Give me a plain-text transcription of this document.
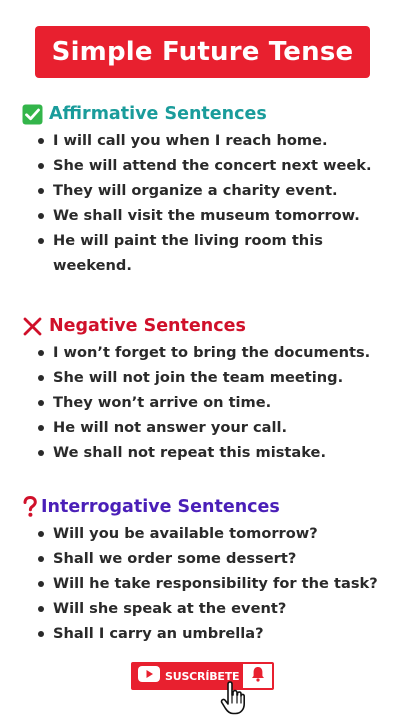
Simple Future Tense
Affirmative Sentences
I will call you when I reach home.
She will attend the concert next week.
They will organize a charity event.
We shall visit the museum tomorrow.
He will paint the living room this weekend.
Negative Sentences
I won’t forget to bring the documents.
She will not join the team meeting.
They won’t arrive on time.
He will not answer your call.
We shall not repeat this mistake.
Interrogative Sentences
Will you be available tomorrow?
Shall we order some dessert?
Will he take responsibility for the task?
Will she speak at the event?
Shall I carry an umbrella?
SUSCRÍBETE
